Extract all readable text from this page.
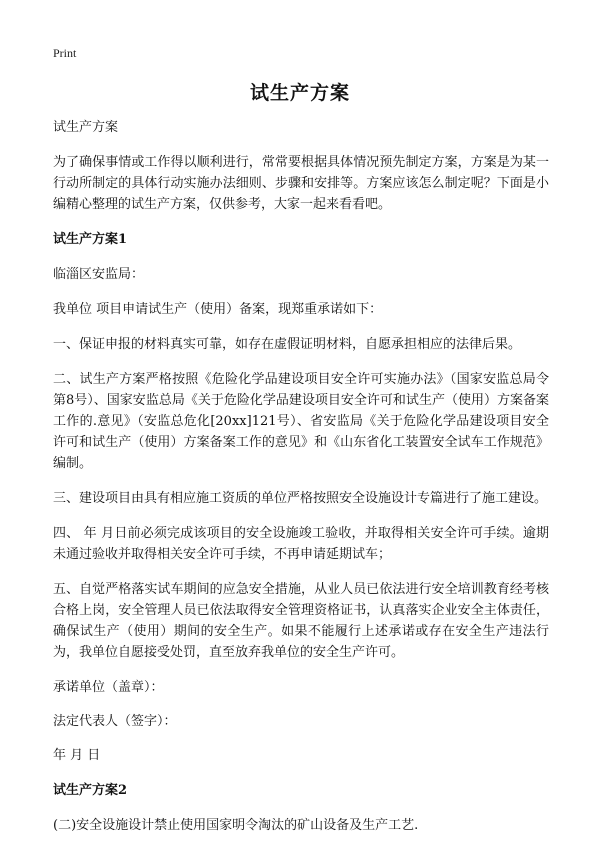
Print
试生产方案

试生产方案

为了确保事情或工作得以顺利进行，常常要根据具体情况预先制定方案，方案是为某一行动所制定的具体行动实施办法细则、步骤和安排等。方案应该怎么制定呢？下面是小编精心整理的试生产方案，仅供参考，大家一起来看看吧。

试生产方案1

临淄区安监局：

我单位 项目申请试生产（使用）备案，现郑重承诺如下：

一、保证申报的材料真实可靠，如存在虚假证明材料，自愿承担相应的法律后果。

二、试生产方案严格按照《危险化学品建设项目安全许可实施办法》（国家安监总局令第8号）、国家安监总局《关于危险化学品建设项目安全许可和试生产（使用）方案备案工作的.意见》（安监总危化[20xx]121号）、省安监局《关于危险化学品建设项目安全许可和试生产（使用）方案备案工作的意见》和《山东省化工装置安全试车工作规范》编制。

三、建设项目由具有相应施工资质的单位严格按照安全设施设计专篇进行了施工建设。

四、 年 月日前必须完成该项目的安全设施竣工验收，并取得相关安全许可手续。逾期未通过验收并取得相关安全许可手续，不再申请延期试车；

五、自觉严格落实试车期间的应急安全措施，从业人员已依法进行安全培训教育经考核合格上岗，安全管理人员已依法取得安全管理资格证书，认真落实企业安全主体责任，确保试生产（使用）期间的安全生产。如果不能履行上述承诺或存在安全生产违法行为，我单位自愿接受处罚，直至放弃我单位的安全生产许可。

承诺单位（盖章）：

法定代表人（签字）：

年 月 日

试生产方案2

(二)安全设施设计禁止使用国家明令淘汰的矿山设备及生产工艺.
